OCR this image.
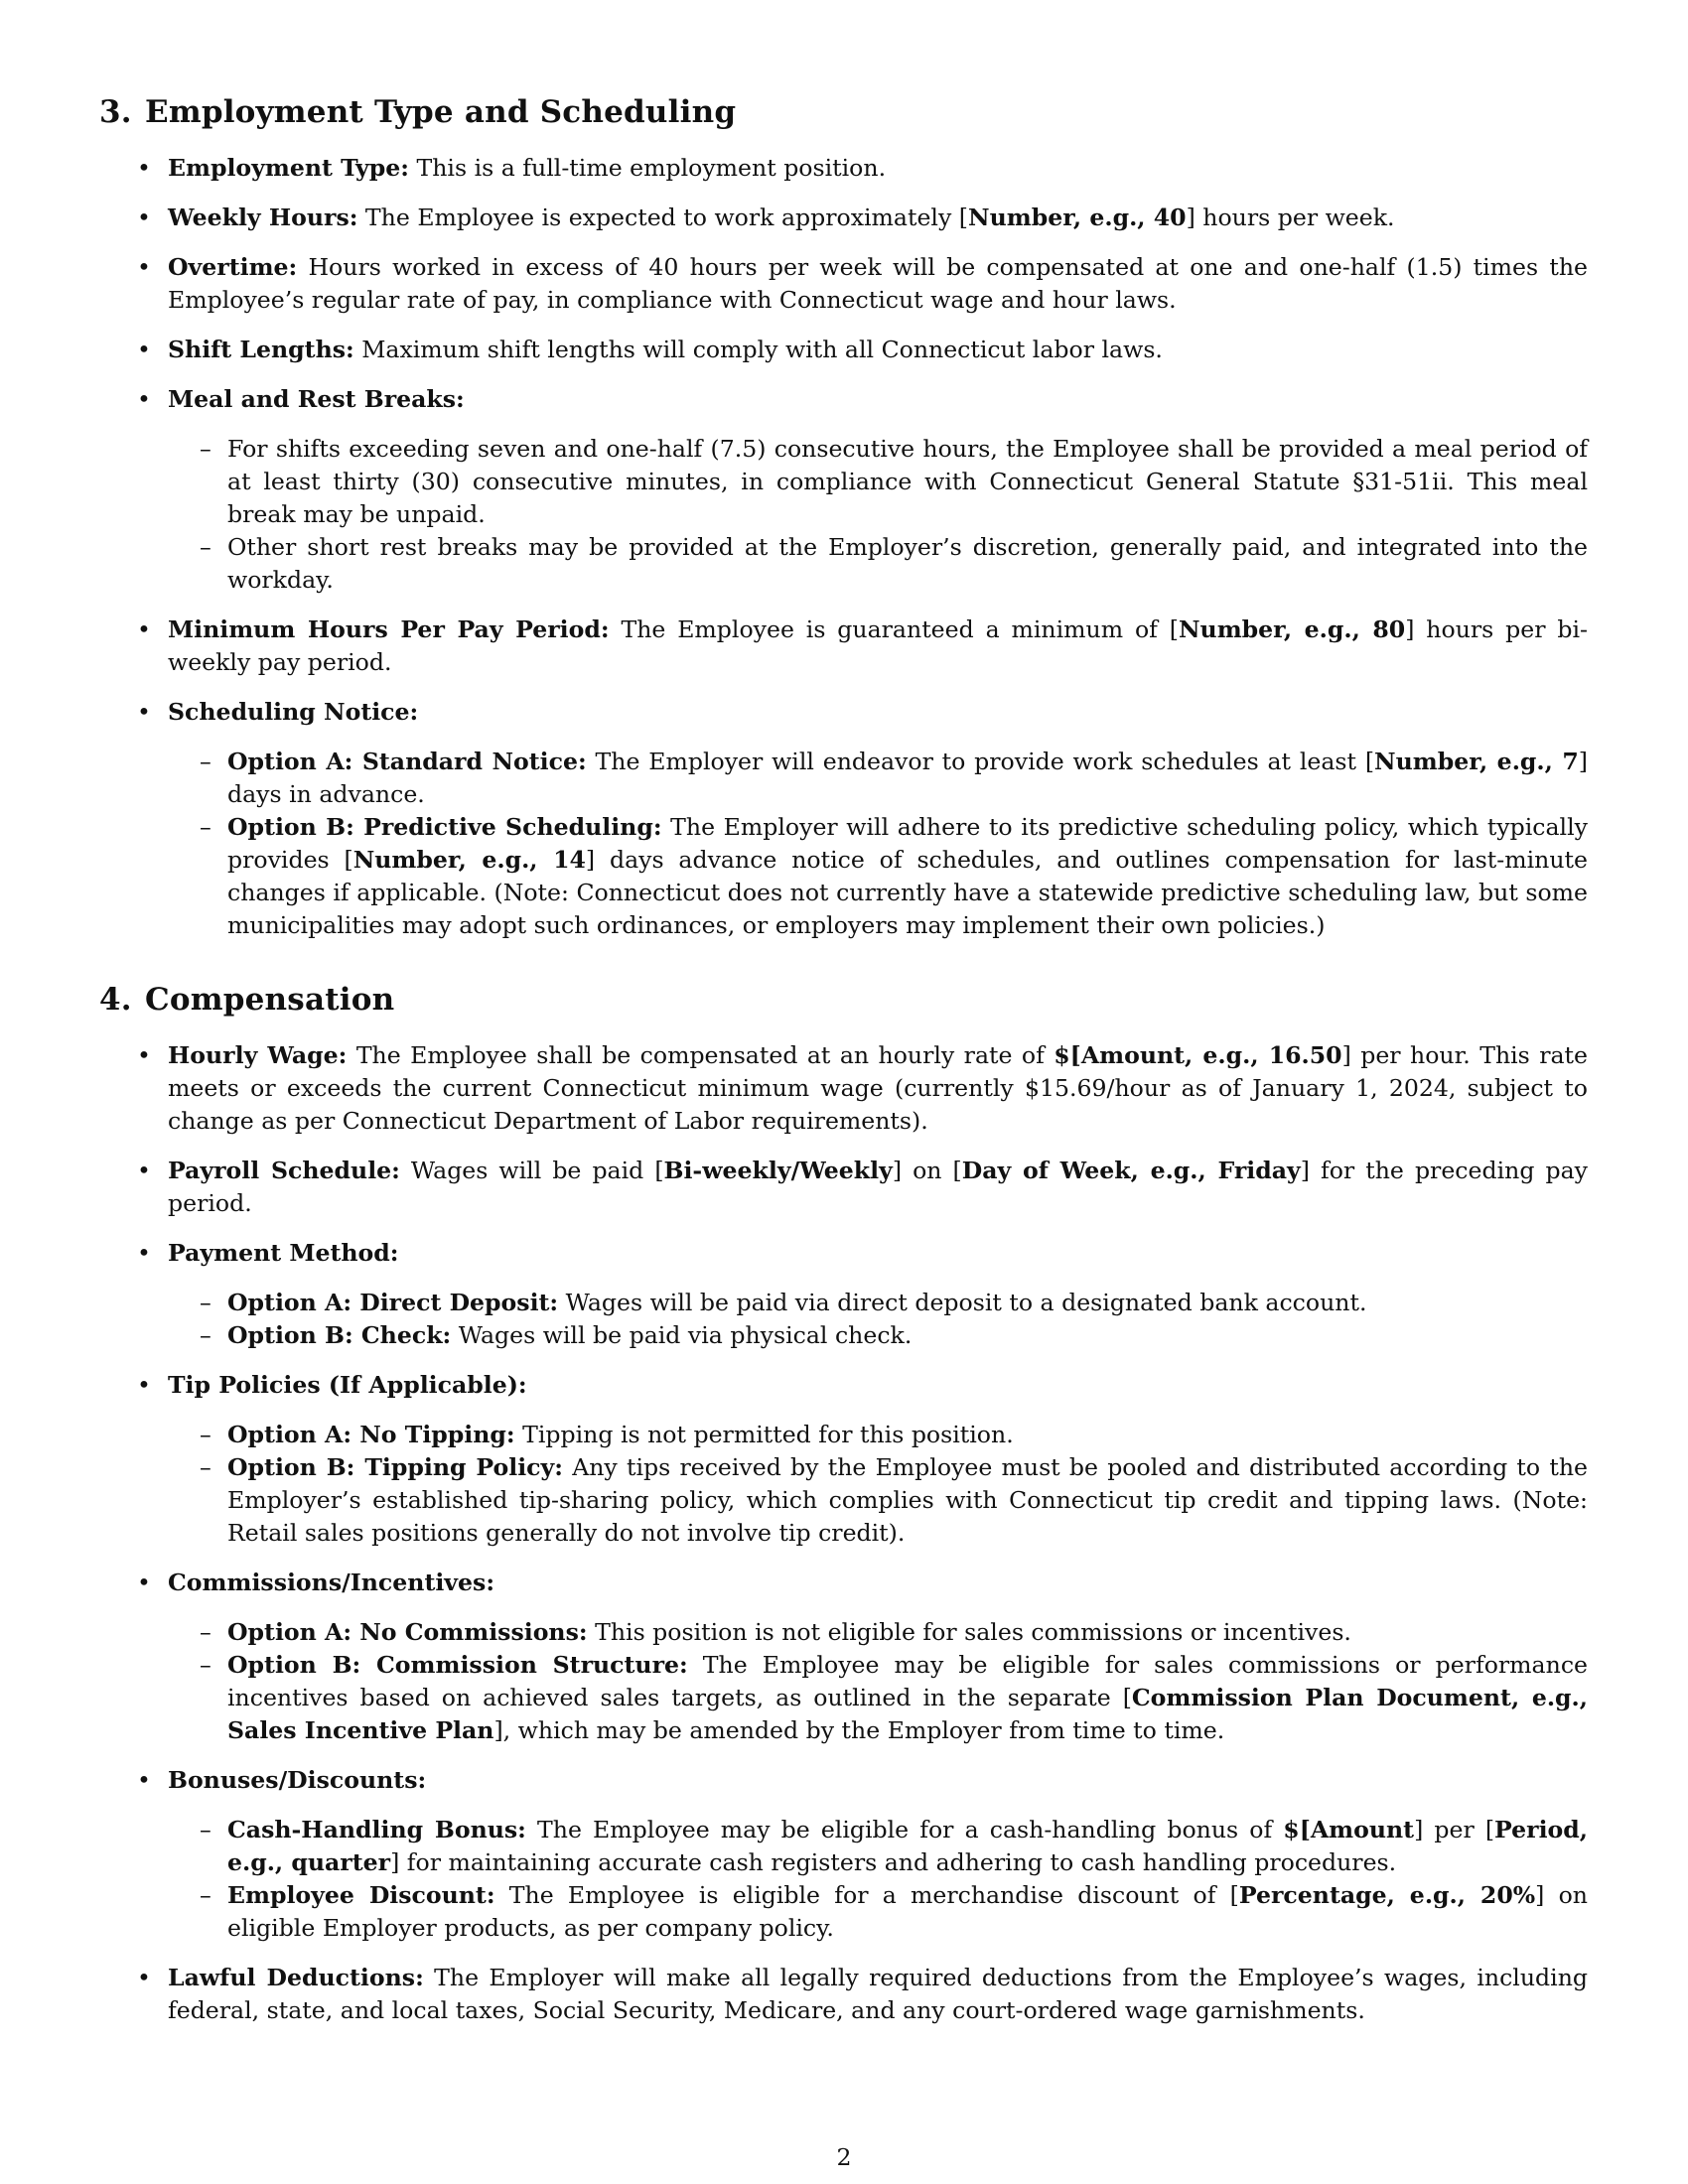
3. Employment Type and Scheduling
• Employment Type: This is a full-time employment position.
• Weekly Hours: The Employee is expected to work approximately [Number, e.g., 40] hours per week.
• Overtime: Hours worked in excess of 40 hours per week will be compensated at one and one-half (1.5) times the Employee’s regular rate of pay, in compliance with Connecticut wage and hour laws.
• Shift Lengths: Maximum shift lengths will comply with all Connecticut labor laws.
• Meal and Rest Breaks:
– For shifts exceeding seven and one-half (7.5) consecutive hours, the Employee shall be provided a meal period of at least thirty (30) consecutive minutes, in compliance with Connecticut General Statute §31-51ii. This meal break may be unpaid.
– Other short rest breaks may be provided at the Employer’s discretion, generally paid, and integrated into the workday.
• Minimum Hours Per Pay Period: The Employee is guaranteed a minimum of [Number, e.g., 80] hours per bi-weekly pay period.
• Scheduling Notice:
– Option A: Standard Notice: The Employer will endeavor to provide work schedules at least [Number, e.g., 7] days in advance.
– Option B: Predictive Scheduling: The Employer will adhere to its predictive scheduling policy, which typically provides [Number, e.g., 14] days advance notice of schedules, and outlines compensation for last-minute changes if applicable. (Note: Connecticut does not currently have a statewide predictive scheduling law, but some municipalities may adopt such ordinances, or employers may implement their own policies.)
4. Compensation
• Hourly Wage: The Employee shall be compensated at an hourly rate of $[Amount, e.g., 16.50] per hour. This rate meets or exceeds the current Connecticut minimum wage (currently $15.69/hour as of January 1, 2024, subject to change as per Connecticut Department of Labor requirements).
• Payroll Schedule: Wages will be paid [Bi-weekly/Weekly] on [Day of Week, e.g., Friday] for the preceding pay period.
• Payment Method:
– Option A: Direct Deposit: Wages will be paid via direct deposit to a designated bank account.
– Option B: Check: Wages will be paid via physical check.
• Tip Policies (If Applicable):
– Option A: No Tipping: Tipping is not permitted for this position.
– Option B: Tipping Policy: Any tips received by the Employee must be pooled and distributed according to the Employer’s established tip-sharing policy, which complies with Connecticut tip credit and tipping laws. (Note: Retail sales positions generally do not involve tip credit).
• Commissions/Incentives:
– Option A: No Commissions: This position is not eligible for sales commissions or incentives.
– Option B: Commission Structure: The Employee may be eligible for sales commissions or performance incentives based on achieved sales targets, as outlined in the separate [Commission Plan Document, e.g., Sales Incentive Plan], which may be amended by the Employer from time to time.
• Bonuses/Discounts:
– Cash-Handling Bonus: The Employee may be eligible for a cash-handling bonus of $[Amount] per [Period, e.g., quarter] for maintaining accurate cash registers and adhering to cash handling procedures.
– Employee Discount: The Employee is eligible for a merchandise discount of [Percentage, e.g., 20%] on eligible Employer products, as per company policy.
• Lawful Deductions: The Employer will make all legally required deductions from the Employee’s wages, including federal, state, and local taxes, Social Security, Medicare, and any court-ordered wage garnishments.
2
